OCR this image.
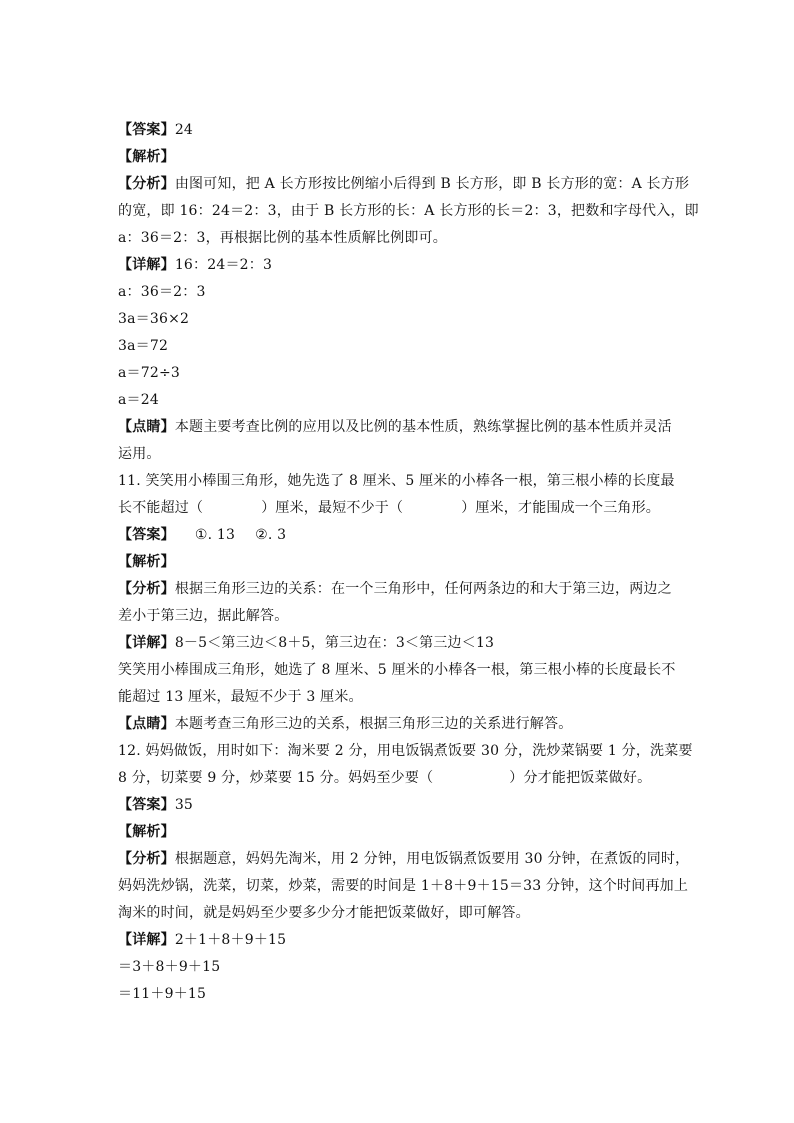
【答案】24
【解析】
【分析】由图可知，把 A 长方形按比例缩小后得到 B 长方形，即 B 长方形的宽：A 长方形
的宽，即 16：24＝2：3，由于 B 长方形的长：A 长方形的长＝2：3，把数和字母代入，即
a：36＝2：3，再根据比例的基本性质解比例即可。
【详解】16：24＝2：3
a：36＝2：3
3a＝36×2
3a＝72
a＝72÷3
a＝24
【点睛】本题主要考查比例的应用以及比例的基本性质，熟练掌握比例的基本性质并灵活
运用。
11. 笑笑用小棒围三角形，她先选了 8 厘米、5 厘米的小棒各一根，第三根小棒的长度最
长不能超过（	）厘米，最短不少于（	）厘米，才能围成一个三角形。
【答案】 ①. 13 ②. 3
【解析】
【分析】根据三角形三边的关系：在一个三角形中，任何两条边的和大于第三边，两边之
差小于第三边，据此解答。
【详解】8－5＜第三边＜8＋5，第三边在：3＜第三边＜13
笑笑用小棒围成三角形，她选了 8 厘米、5 厘米的小棒各一根，第三根小棒的长度最长不
能超过 13 厘米，最短不少于 3 厘米。
【点睛】本题考查三角形三边的关系，根据三角形三边的关系进行解答。
12. 妈妈做饭，用时如下：淘米要 2 分，用电饭锅煮饭要 30 分，洗炒菜锅要 1 分，洗菜要
8 分，切菜要 9 分，炒菜要 15 分。妈妈至少要（	）分才能把饭菜做好。
【答案】35
【解析】
【分析】根据题意，妈妈先淘米，用 2 分钟，用电饭锅煮饭要用 30 分钟，在煮饭的同时，
妈妈洗炒锅，洗菜，切菜，炒菜，需要的时间是 1＋8＋9＋15＝33 分钟，这个时间再加上
淘米的时间，就是妈妈至少要多少分才能把饭菜做好，即可解答。
【详解】2＋1＋8＋9＋15
＝3＋8＋9＋15
＝11＋9＋15
